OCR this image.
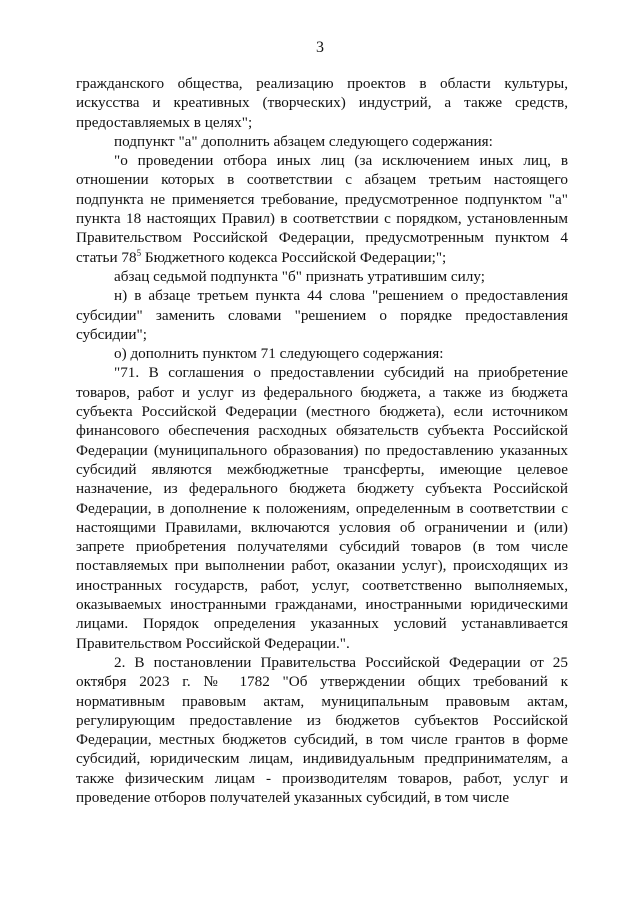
3

гражданского общества, реализацию проектов в области культуры, искусства и креативных (творческих) индустрий, а также средств, предоставляемых в целях";

подпункт "а" дополнить абзацем следующего содержания:

"о проведении отбора иных лиц (за исключением иных лиц, в отношении которых в соответствии с абзацем третьим настоящего подпункта не применяется требование, предусмотренное подпунктом "а" пункта 18 настоящих Правил) в соответствии с порядком, установленным Правительством Российской Федерации, предусмотренным пунктом 4 статьи $78^5$ Бюджетного кодекса Российской Федерации;";

абзац седьмой подпункта "б" признать утратившим силу;

н) в абзаце третьем пункта 44 слова "решением о предоставления субсидии" заменить словами "решением о порядке предоставления субсидии";

о) дополнить пунктом 71 следующего содержания:

"71. В соглашения о предоставлении субсидий на приобретение товаров, работ и услуг из федерального бюджета, а также из бюджета субъекта Российской Федерации (местного бюджета), если источником финансового обеспечения расходных обязательств субъекта Российской Федерации (муниципального образования) по предоставлению указанных субсидий являются межбюджетные трансферты, имеющие целевое назначение, из федерального бюджета бюджету субъекта Российской Федерации, в дополнение к положениям, определенным в соответствии с настоящими Правилами, включаются условия об ограничении и (или) запрете приобретения получателями субсидий товаров (в том числе поставляемых при выполнении работ, оказании услуг), происходящих из иностранных государств, работ, услуг, соответственно выполняемых, оказываемых иностранными гражданами, иностранными юридическими лицами. Порядок определения указанных условий устанавливается Правительством Российской Федерации.".

2. В постановлении Правительства Российской Федерации от 25 октября 2023 г. № 1782 "Об утверждении общих требований к нормативным правовым актам, муниципальным правовым актам, регулирующим предоставление из бюджетов субъектов Российской Федерации, местных бюджетов субсидий, в том числе грантов в форме субсидий, юридическим лицам, индивидуальным предпринимателям, а также физическим лицам - производителям товаров, работ, услуг и проведение отборов получателей указанных субсидий, в том числе
